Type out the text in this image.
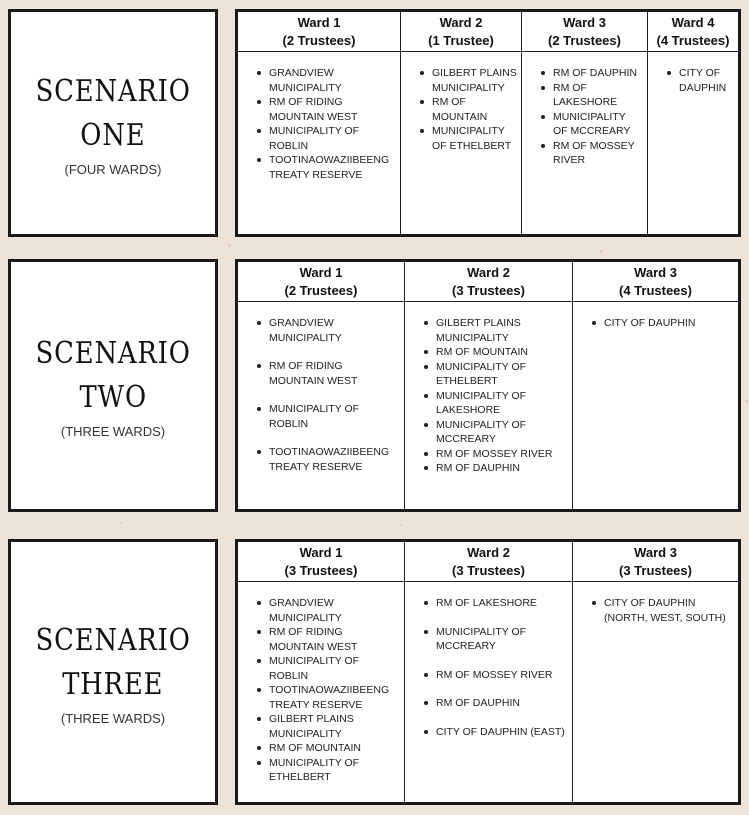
SCENARIO
ONE
(FOUR WARDS)
Ward 1
(2 Trustees)
GRANDVIEW MUNICIPALITY
RM OF RIDING MOUNTAIN WEST
MUNICIPALITY OF ROBLIN
TOOTINAOWAZIIBEENG TREATY RESERVE
Ward 2
(1 Trustee)
GILBERT PLAINS MUNICIPALITY
RM OF MOUNTAIN
MUNICIPALITY OF ETHELBERT
Ward 3
(2 Trustees)
RM OF DAUPHIN
RM OF LAKESHORE
MUNICIPALITY OF MCCREARY
RM OF MOSSEY RIVER
Ward 4
(4 Trustees)
CITY OF DAUPHIN
SCENARIO
TWO
(THREE WARDS)
Ward 1
(2 Trustees)
GRANDVIEW MUNICIPALITY
RM OF RIDING MOUNTAIN WEST
MUNICIPALITY OF ROBLIN
TOOTINAOWAZIIBEENG TREATY RESERVE
Ward 2
(3 Trustees)
GILBERT PLAINS MUNICIPALITY
RM OF MOUNTAIN
MUNICIPALITY OF ETHELBERT
MUNICIPALITY OF LAKESHORE
MUNICIPALITY OF MCCREARY
RM OF MOSSEY RIVER
RM OF DAUPHIN
Ward 3
(4 Trustees)
CITY OF DAUPHIN
SCENARIO
THREE
(THREE WARDS)
Ward 1
(3 Trustees)
GRANDVIEW MUNICIPALITY
RM OF RIDING MOUNTAIN WEST
MUNICIPALITY OF ROBLIN
TOOTINAOWAZIIBEENG TREATY RESERVE
GILBERT PLAINS MUNICIPALITY
RM OF MOUNTAIN
MUNICIPALITY OF ETHELBERT
Ward 2
(3 Trustees)
RM OF LAKESHORE
MUNICIPALITY OF MCCREARY
RM OF MOSSEY RIVER
RM OF DAUPHIN
CITY OF DAUPHIN (EAST)
Ward 3
(3 Trustees)
CITY OF DAUPHIN (NORTH, WEST, SOUTH)
